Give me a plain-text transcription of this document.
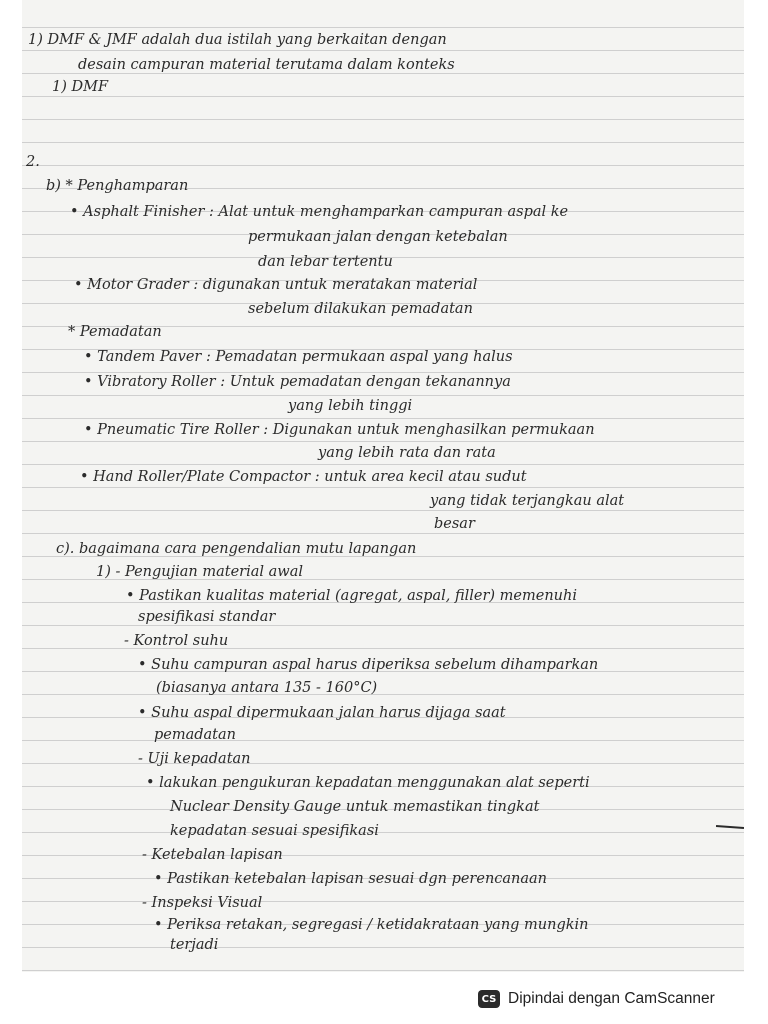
1) DMF & JMF adalah dua istilah yang berkaitan dengan

desain campuran material terutama dalam konteks

1) DMF

2.

b) * Penghamparan

• Asphalt Finisher : Alat untuk menghamparkan campuran aspal ke

permukaan jalan dengan ketebalan

dan lebar tertentu

• Motor Grader : digunakan untuk meratakan material

sebelum dilakukan pemadatan

* Pemadatan

• Tandem Paver : Pemadatan permukaan aspal yang halus

• Vibratory Roller : Untuk pemadatan dengan tekanannya

yang lebih tinggi

• Pneumatic Tire Roller : Digunakan untuk menghasilkan permukaan

yang lebih rata dan rata

• Hand Roller/Plate Compactor : untuk area kecil atau sudut

yang tidak terjangkau alat

besar

c). bagaimana cara pengendalian mutu lapangan

1) - Pengujian material awal

• Pastikan kualitas material (agregat, aspal, filler) memenuhi

spesifikasi standar

- Kontrol suhu

• Suhu campuran aspal harus diperiksa sebelum dihamparkan

(biasanya antara 135 - 160°C)

• Suhu aspal dipermukaan jalan harus dijaga saat

pemadatan

- Uji kepadatan

• lakukan pengukuran kepadatan menggunakan alat seperti

Nuclear Density Gauge untuk memastikan tingkat

kepadatan sesuai spesifikasi

- Ketebalan lapisan

• Pastikan ketebalan lapisan sesuai dgn perencanaan

- Inspeksi Visual

• Periksa retakan, segregasi / ketidakrataan yang mungkin

terjadi

CS Dipindai dengan CamScanner
